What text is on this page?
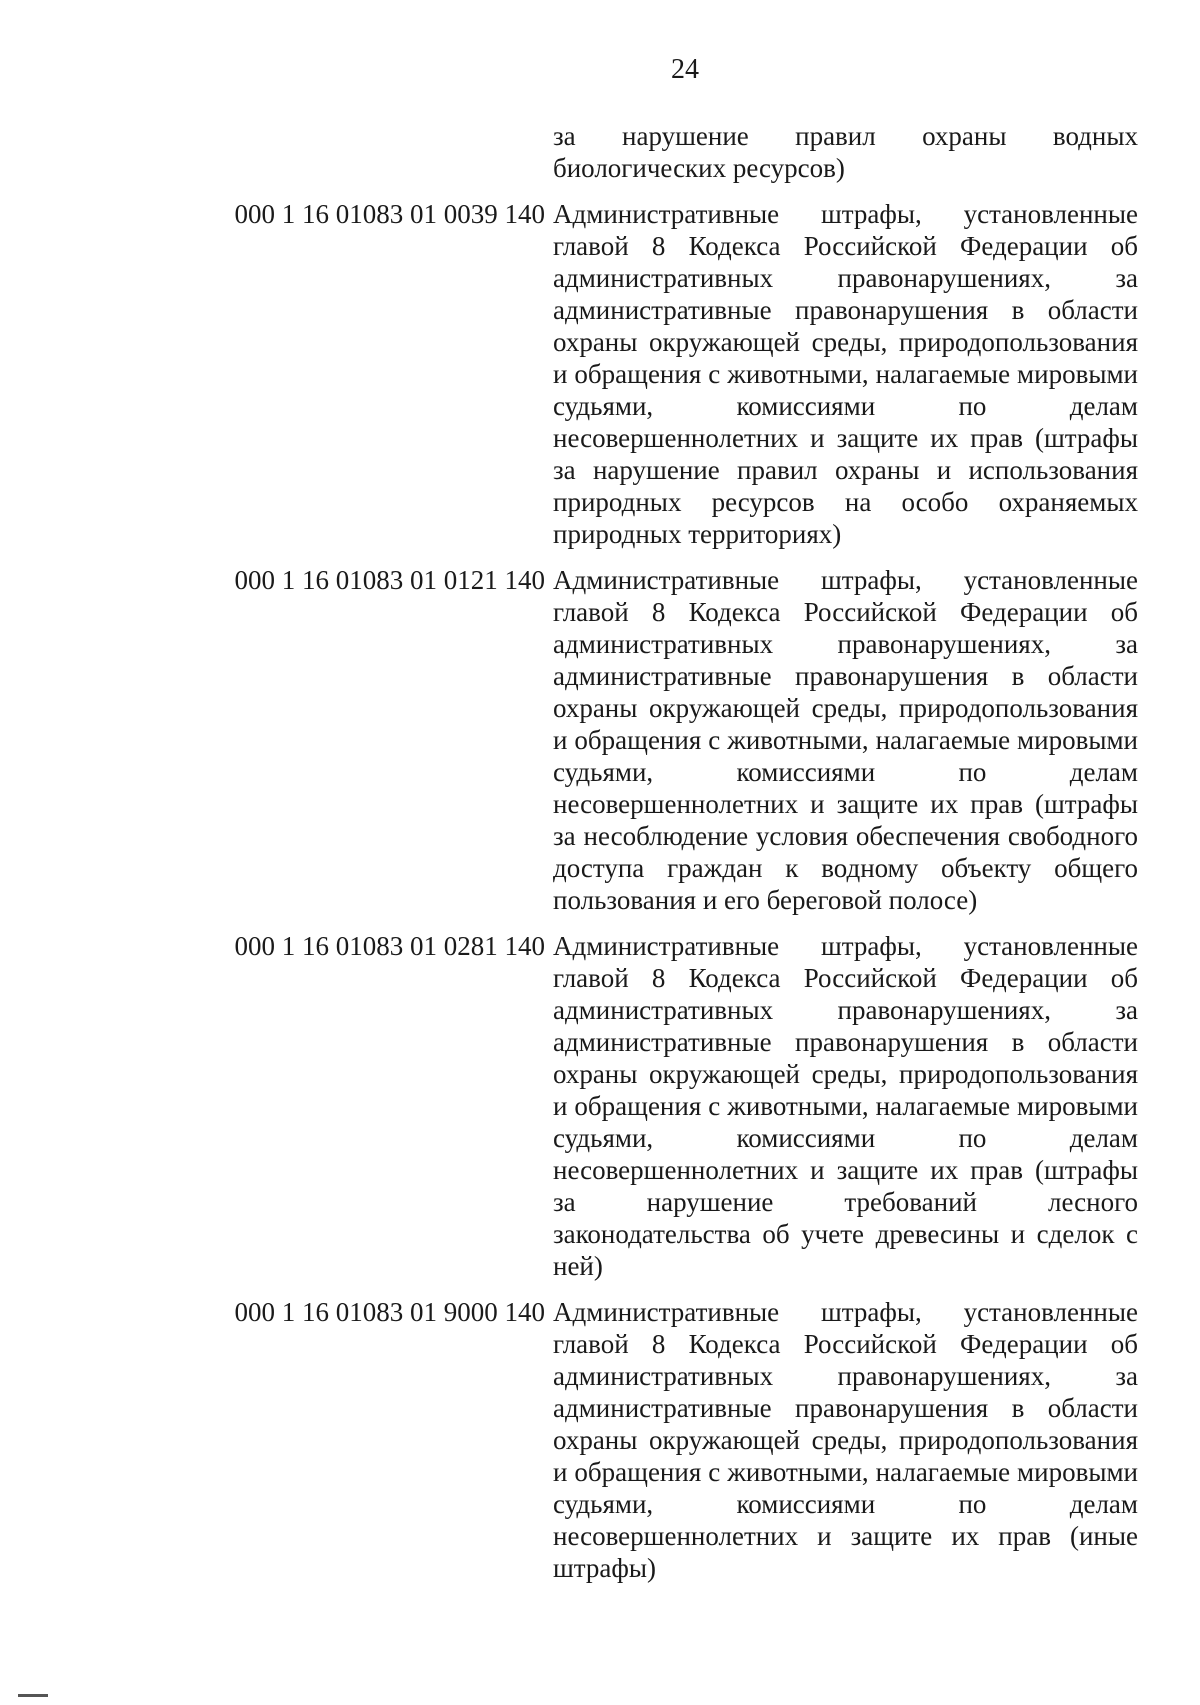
24

за нарушение правил охраны водных биологических ресурсов)

000 1 16 01083 01 0039 140 Административные штрафы, установленные главой 8 Кодекса Российской Федерации об административных правонарушениях, за административные правонарушения в области охраны окружающей среды, природопользования и обращения с животными, налагаемые мировыми судьями, комиссиями по делам несовершеннолетних и защите их прав (штрафы за нарушение правил охраны и использования природных ресурсов на особо охраняемых природных территориях)

000 1 16 01083 01 0121 140 Административные штрафы, установленные главой 8 Кодекса Российской Федерации об административных правонарушениях, за административные правонарушения в области охраны окружающей среды, природопользования и обращения с животными, налагаемые мировыми судьями, комиссиями по делам несовершеннолетних и защите их прав (штрафы за несоблюдение условия обеспечения свободного доступа граждан к водному объекту общего пользования и его береговой полосе)

000 1 16 01083 01 0281 140 Административные штрафы, установленные главой 8 Кодекса Российской Федерации об административных правонарушениях, за административные правонарушения в области охраны окружающей среды, природопользования и обращения с животными, налагаемые мировыми судьями, комиссиями по делам несовершеннолетних и защите их прав (штрафы за нарушение требований лесного законодательства об учете древесины и сделок с ней)

000 1 16 01083 01 9000 140 Административные штрафы, установленные главой 8 Кодекса Российской Федерации об административных правонарушениях, за административные правонарушения в области охраны окружающей среды, природопользования и обращения с животными, налагаемые мировыми судьями, комиссиями по делам несовершеннолетних и защите их прав (иные штрафы)
